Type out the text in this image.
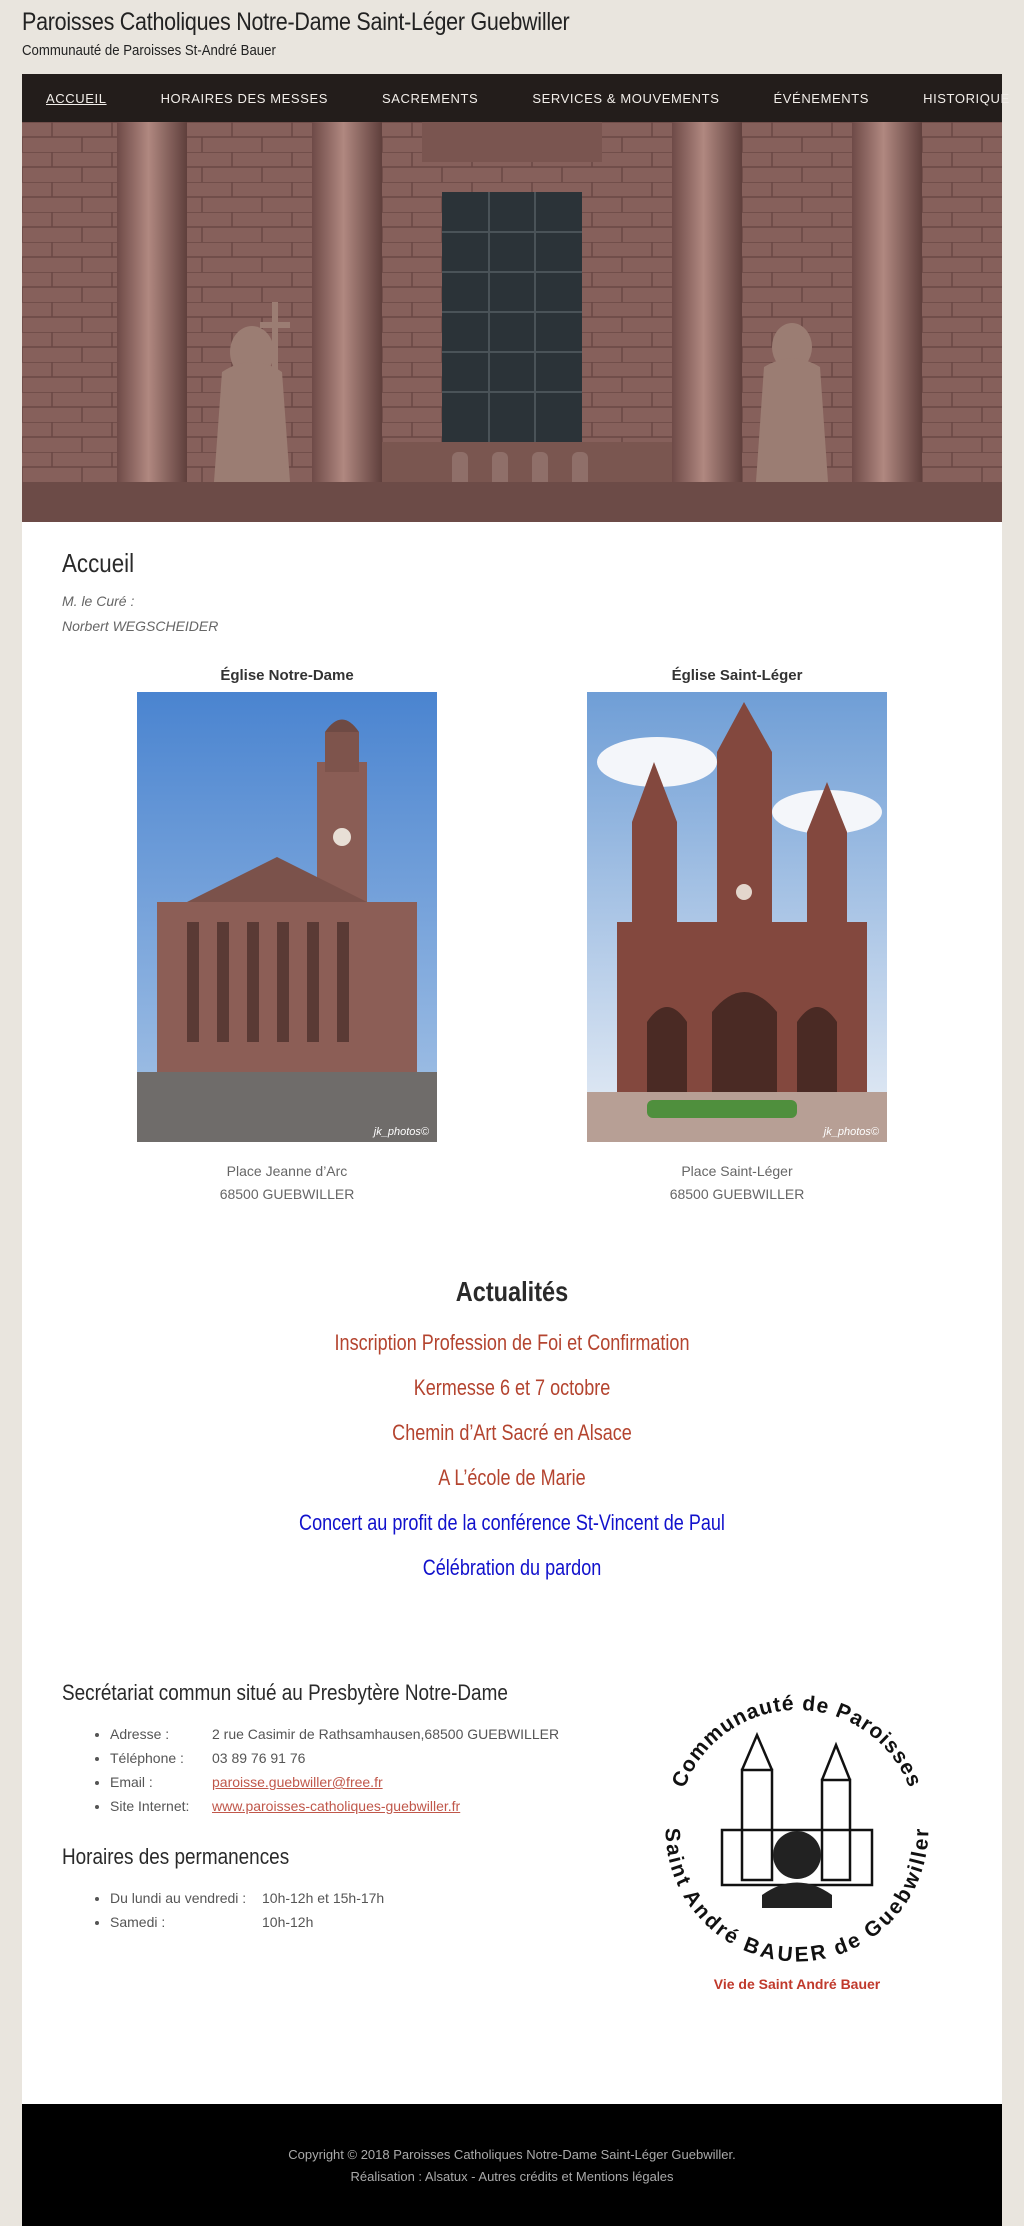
Paroisses Catholiques Notre-Dame Saint-Léger Guebwiller
Communauté de Paroisses St-André Bauer
ACCUEIL	HORAIRES DES MESSES	SACREMENTS	SERVICES & MOUVEMENTS	ÉVÉNEMENTS	HISTORIQUE
Accueil
M. le Curé :
Norbert WEGSCHEIDER
Église Notre-Dame
jk_photos©
Place Jeanne d’Arc
68500 GUEBWILLER
Église Saint-Léger
jk_photos©
Place Saint-Léger
68500 GUEBWILLER
Actualités
Inscription Profession de Foi et Confirmation
Kermesse 6 et 7 octobre
Chemin d’Art Sacré en Alsace
A L’école de Marie
Concert au profit de la conférence St-Vincent de Paul
Célébration du pardon
Secrétariat commun situé au Presbytère Notre-Dame
• Adresse :	2 rue Casimir de Rathsamhausen,68500 GUEBWILLER
• Téléphone : 03 89 76 91 76
• Email :	paroisse.guebwiller@free.fr
• Site Internet: www.paroisses-catholiques-guebwiller.fr
Horaires des permanences
• Du lundi au vendredi : 10h-12h et 15h-17h
• Samedi :	10h-12h
Communauté de Paroisses
Saint André BAUER de Guebwiller
Vie de Saint André Bauer
Copyright © 2018 Paroisses Catholiques Notre-Dame Saint-Léger Guebwiller.
Réalisation : Alsatux - Autres crédits et Mentions légales
